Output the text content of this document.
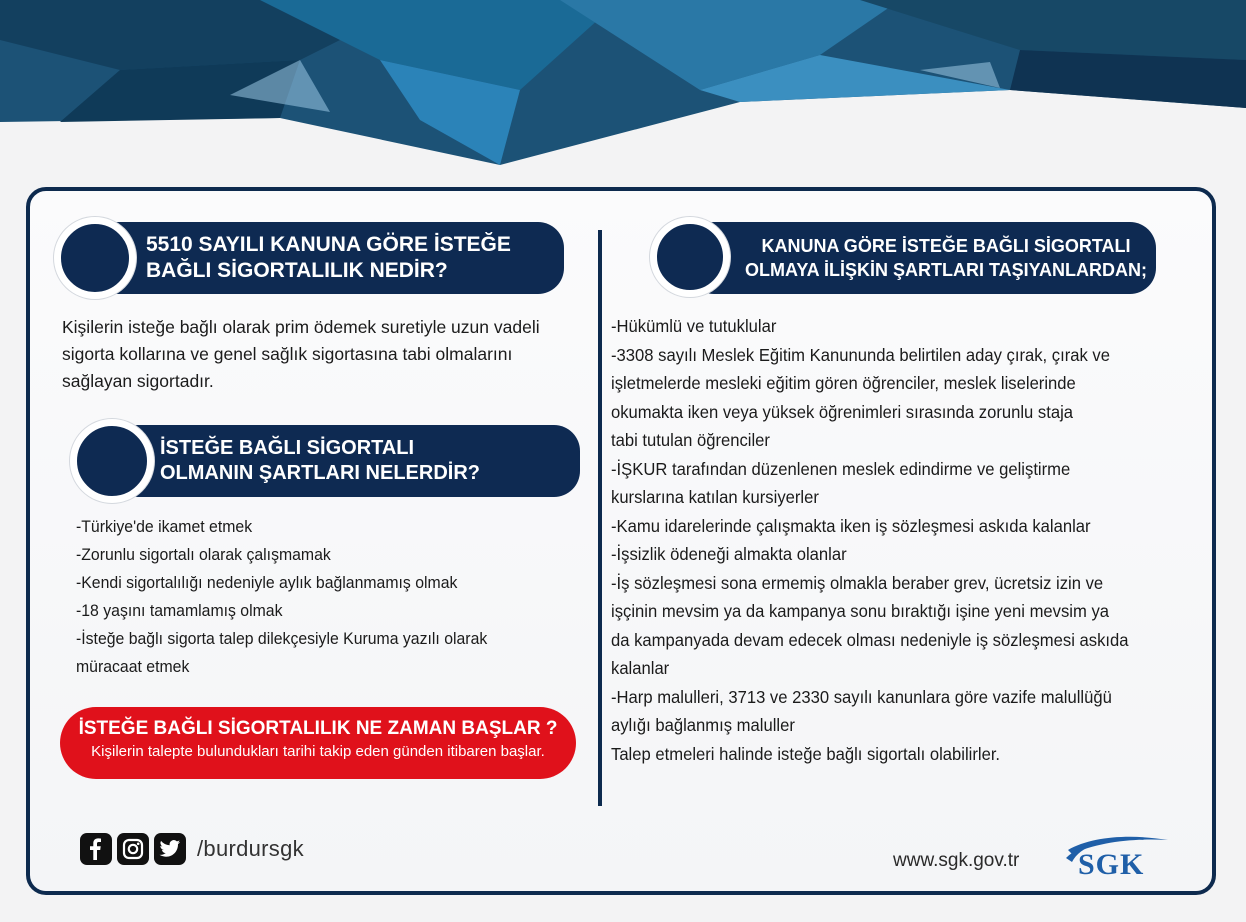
5510 SAYILI KANUNA GÖRE İSTEĞE
BAĞLI SİGORTALILIK NEDİR?
Kişilerin isteğe bağlı olarak prim ödemek suretiyle uzun vadeli
sigorta kollarına ve genel sağlık sigortasına tabi olmalarını
sağlayan sigortadır.
İSTEĞE BAĞLI SİGORTALI
OLMANIN ŞARTLARI NELERDİR?
-Türkiye'de ikamet etmek
-Zorunlu sigortalı olarak çalışmamak
-Kendi sigortalılığı nedeniyle aylık bağlanmamış olmak
-18 yaşını tamamlamış olmak
-İsteğe bağlı sigorta talep dilekçesiyle Kuruma yazılı olarak
müracaat etmek
İSTEĞE BAĞLI SİGORTALILIK NE ZAMAN BAŞLAR ?
Kişilerin talepte bulundukları tarihi takip eden günden itibaren başlar.
KANUNA GÖRE İSTEĞE BAĞLI SİGORTALI
OLMAYA İLİŞKİN ŞARTLARI TAŞIYANLARDAN;
-Hükümlü ve tutuklular
-3308 sayılı Meslek Eğitim Kanununda belirtilen aday çırak, çırak ve
işletmelerde mesleki eğitim gören öğrenciler, meslek liselerinde
okumakta iken veya yüksek öğrenimleri sırasında zorunlu staja
tabi tutulan öğrenciler
-İŞKUR tarafından düzenlenen meslek edindirme ve geliştirme
kurslarına katılan kursiyerler
-Kamu idarelerinde çalışmakta iken iş sözleşmesi askıda kalanlar
-İşsizlik ödeneği almakta olanlar
-İş sözleşmesi sona ermemiş olmakla beraber grev, ücretsiz izin ve
işçinin mevsim ya da kampanya sonu bıraktığı işine yeni mevsim ya
da kampanyada devam edecek olması nedeniyle iş sözleşmesi askıda
kalanlar
-Harp malulleri, 3713 ve 2330 sayılı kanunlara göre vazife malullüğü
aylığı bağlanmış maluller
Talep etmeleri halinde isteğe bağlı sigortalı olabilirler.
/burdursgk	www.sgk.gov.tr SGK
